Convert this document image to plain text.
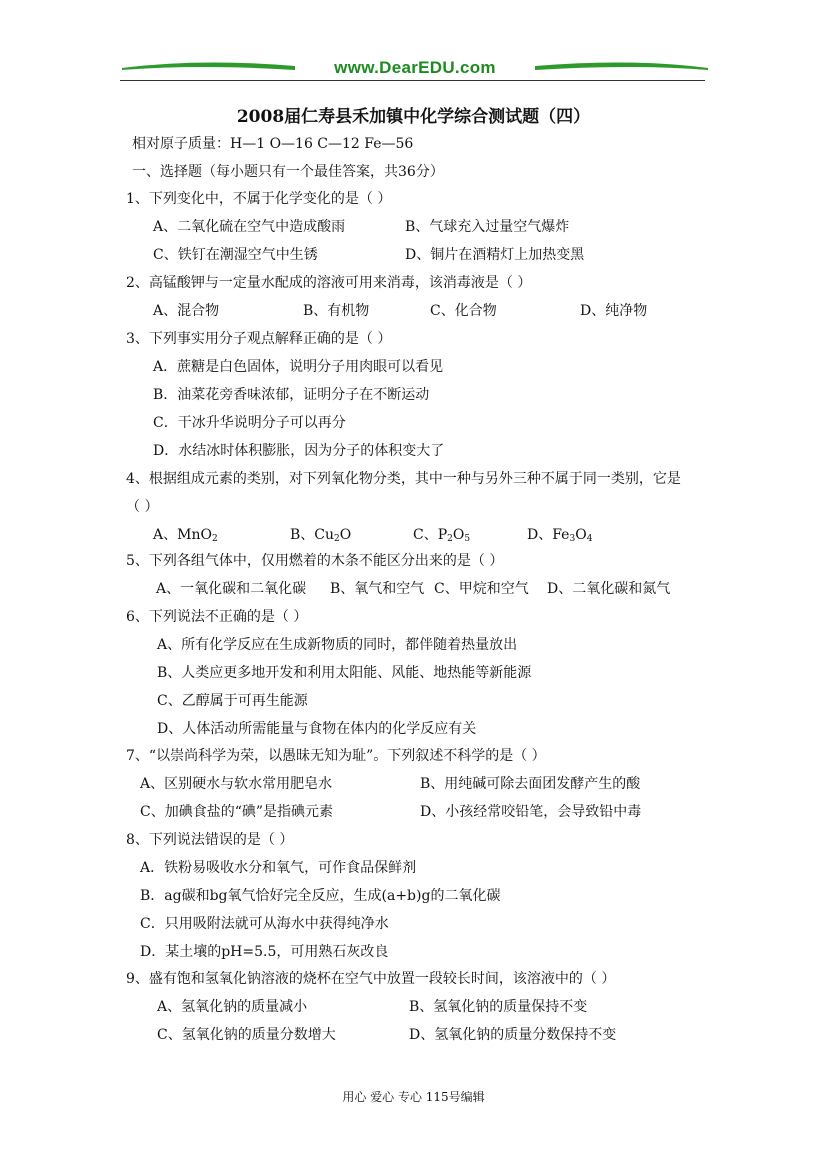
www.DearEDU.com
2008届仁寿县禾加镇中化学综合测试题（四）
相对原子质量：H—1 O—16 C—12 Fe—56
一、选择题（每小题只有一个最佳答案，共36分）
1、下列变化中，不属于化学变化的是（ ）
A、二氧化硫在空气中造成酸雨	B、气球充入过量空气爆炸
C、铁钉在潮湿空气中生锈	D、铜片在酒精灯上加热变黑
2、高锰酸钾与一定量水配成的溶液可用来消毒，该消毒液是（ ）
A、混合物	B、有机物	C、化合物	D、纯净物
3、下列事实用分子观点解释正确的是（ ）
A．蔗糖是白色固体，说明分子用肉眼可以看见
B．油菜花旁香味浓郁，证明分子在不断运动
C．干冰升华说明分子可以再分
D．水结冰时体积膨胀，因为分子的体积变大了
4、根据组成元素的类别，对下列氧化物分类，其中一种与另外三种不属于同一类别，它是
（ ）
A、MnO$_2$	B、$Cu_2O$	C、$P_2O_5$	D、$Fe_3O_4$
5、下列各组气体中，仅用燃着的木条不能区分出来的是（ ）
A、一氧化碳和二氧化碳 B、氧气和空气 C、甲烷和空气 D、二氧化碳和氮气
6、下列说法不正确的是（ ）
A、所有化学反应在生成新物质的同时，都伴随着热量放出
B、人类应更多地开发和利用太阳能、风能、地热能等新能源
C、乙醇属于可再生能源
D、人体活动所需能量与食物在体内的化学反应有关
7、“以崇尚科学为荣，以愚昧无知为耻”。下列叙述不科学的是（ ）
A、区别硬水与软水常用肥皂水	B、用纯碱可除去面团发酵产生的酸
C、加碘食盐的“碘”是指碘元素	D、小孩经常咬铅笔，会导致铅中毒
8、下列说法错误的是（ ）
A．铁粉易吸收水分和氧气，可作食品保鲜剂
B．ag碳和bg氧气恰好完全反应，生成(a+b)g的二氧化碳
C．只用吸附法就可从海水中获得纯净水
D．某土壤的pH=5.5，可用熟石灰改良
9、盛有饱和氢氧化钠溶液的烧杯在空气中放置一段较长时间，该溶液中的（ ）
A、氢氧化钠的质量减小	B、氢氧化钠的质量保持不变
C、氢氧化钠的质量分数增大	D、氢氧化钠的质量分数保持不变
用心 爱心 专心 115号编辑
